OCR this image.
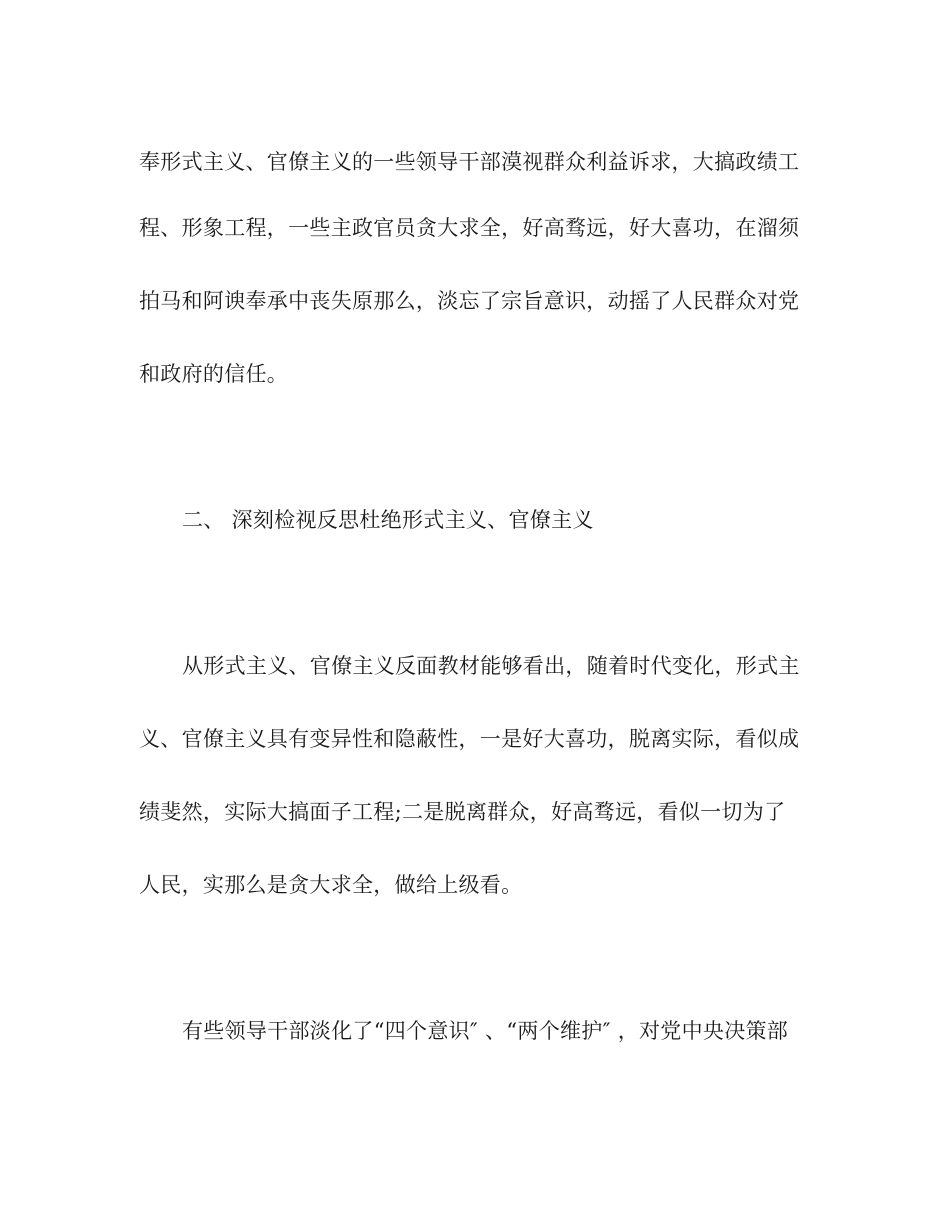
奉形式主义、官僚主义的一些领导干部漠视群众利益诉求，大搞政绩工
程、形象工程，一些主政官员贪大求全，好高骛远，好大喜功，在溜须
拍马和阿谀奉承中丧失原那么，淡忘了宗旨意识，动摇了人民群众对党
和政府的信任。
二、 深刻检视反思杜绝形式主义、官僚主义
从形式主义、官僚主义反面教材能够看出，随着时代变化，形式主
义、官僚主义具有变异性和隐蔽性，一是好大喜功，脱离实际，看似成
绩斐然，实际大搞面子工程;二是脱离群众，好高骛远，看似一切为了
人民，实那么是贪大求全，做给上级看。
有些领导干部淡化了“四个意识″ 、“两个维护″ ，对党中央决策部
